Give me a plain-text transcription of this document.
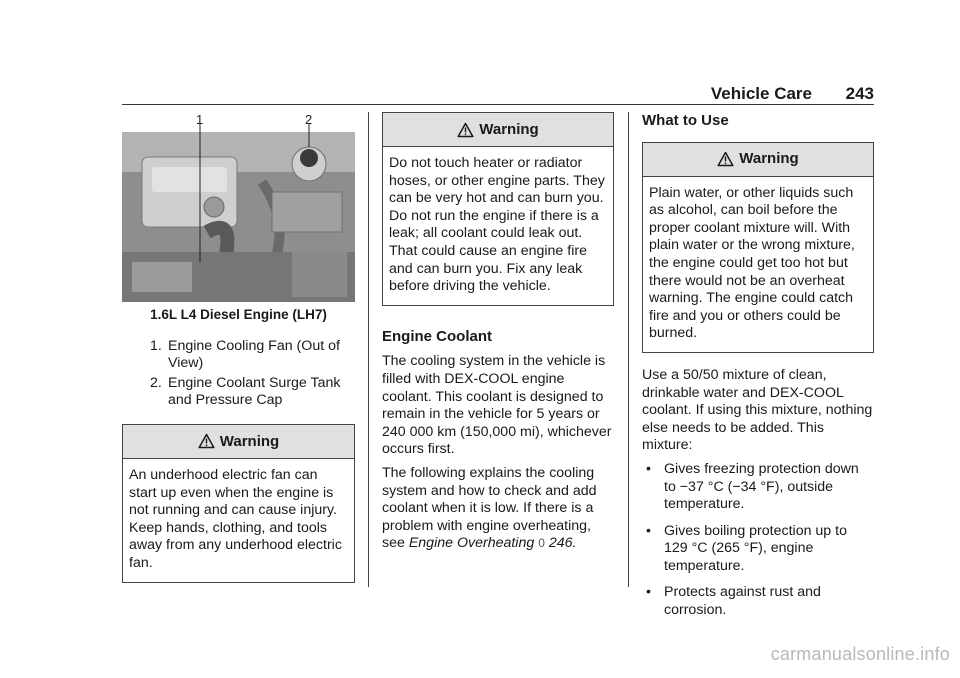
Vehicle Care 243
1	2
1.6L L4 Diesel Engine (LH7)
1. Engine Cooling Fan (Out of View)
2. Engine Coolant Surge Tank and Pressure Cap
Warning
An underhood electric fan can start up even when the engine is not running and can cause injury. Keep hands, clothing, and tools away from any underhood electric fan.
Warning
Do not touch heater or radiator hoses, or other engine parts. They can be very hot and can burn you. Do not run the engine if there is a leak; all coolant could leak out. That could cause an engine fire and can burn you. Fix any leak before driving the vehicle.
Engine Coolant

The cooling system in the vehicle is filled with DEX-COOL engine coolant. This coolant is designed to remain in the vehicle for 5 years or 240 000 km (150,000 mi), whichever occurs first.

The following explains the cooling system and how to check and add coolant when it is low. If there is a problem with engine overheating, see Engine Overheating 0 246.

What to Use
Warning
Plain water, or other liquids such as alcohol, can boil before the proper coolant mixture will. With plain water or the wrong mixture, the engine could get too hot but there would not be an overheat warning. The engine could catch fire and you or others could be burned.

Use a 50/50 mixture of clean, drinkable water and DEX-COOL coolant. If using this mixture, nothing else needs to be added. This mixture:

• Gives freezing protection down to −37 °C (−34 °F), outside temperature.
• Gives boiling protection up to 129 °C (265 °F), engine temperature.
• Protects against rust and corrosion.
carmanualsonline.info
